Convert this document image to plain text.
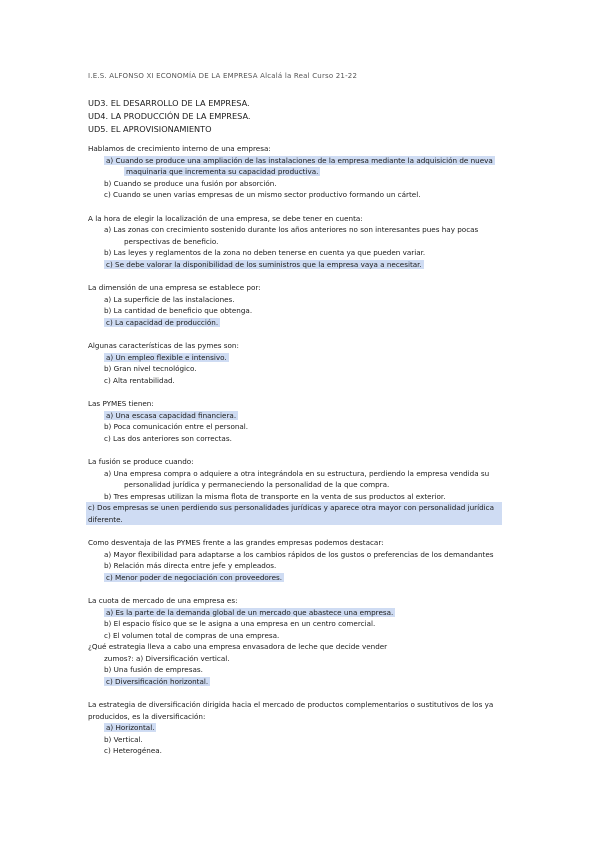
I.E.S. ALFONSO XI ECONOMÍA DE LA EMPRESA Alcalá la Real Curso 21-22
UD3. EL DESARROLLO DE LA EMPRESA.
UD4. LA PRODUCCIÓN DE LA EMPRESA.
UD5. EL APROVISIONAMIENTO
Hablamos de crecimiento interno de una empresa:
a) Cuando se produce una ampliación de las instalaciones de la empresa mediante la adquisición de nueva
maquinaria que incrementa su capacidad productiva.
b) Cuando se produce una fusión por absorción.
c) Cuando se unen varias empresas de un mismo sector productivo formando un cártel.
A la hora de elegir la localización de una empresa, se debe tener en cuenta:
a) Las zonas con crecimiento sostenido durante los años anteriores no son interesantes pues hay pocas
perspectivas de beneficio.
b) Las leyes y reglamentos de la zona no deben tenerse en cuenta ya que pueden variar.
c) Se debe valorar la disponibilidad de los suministros que la empresa vaya a necesitar.
La dimensión de una empresa se establece por:
a) La superficie de las instalaciones.
b) La cantidad de beneficio que obtenga.
c) La capacidad de producción.
Algunas características de las pymes son:
a) Un empleo flexible e intensivo.
b) Gran nivel tecnológico.
c) Alta rentabilidad.
Las PYMES tienen:
a) Una escasa capacidad financiera.
b) Poca comunicación entre el personal.
c) Las dos anteriores son correctas.
La fusión se produce cuando:
a) Una empresa compra o adquiere a otra integrándola en su estructura, perdiendo la empresa vendida su
personalidad jurídica y permaneciendo la personalidad de la que compra.
b) Tres empresas utilizan la misma flota de transporte en la venta de sus productos al exterior.
c) Dos empresas se unen perdiendo sus personalidades jurídicas y aparece otra mayor con personalidad jurídica
diferente.
Como desventaja de las PYMES frente a las grandes empresas podemos destacar:
a) Mayor flexibilidad para adaptarse a los cambios rápidos de los gustos o preferencias de los demandantes
b) Relación más directa entre jefe y empleados.
c) Menor poder de negociación con proveedores.
La cuota de mercado de una empresa es:
a) Es la parte de la demanda global de un mercado que abastece una empresa.
b) El espacio físico que se le asigna a una empresa en un centro comercial.
c) El volumen total de compras de una empresa.
¿Qué estrategia lleva a cabo una empresa envasadora de leche que decide vender
zumos?: a) Diversificación vertical.
b) Una fusión de empresas.
c) Diversificación horizontal.
La estrategia de diversificación dirigida hacia el mercado de productos complementarios o sustitutivos de los ya
producidos, es la diversificación:
a) Horizontal.
b) Vertical.
c) Heterogénea.
